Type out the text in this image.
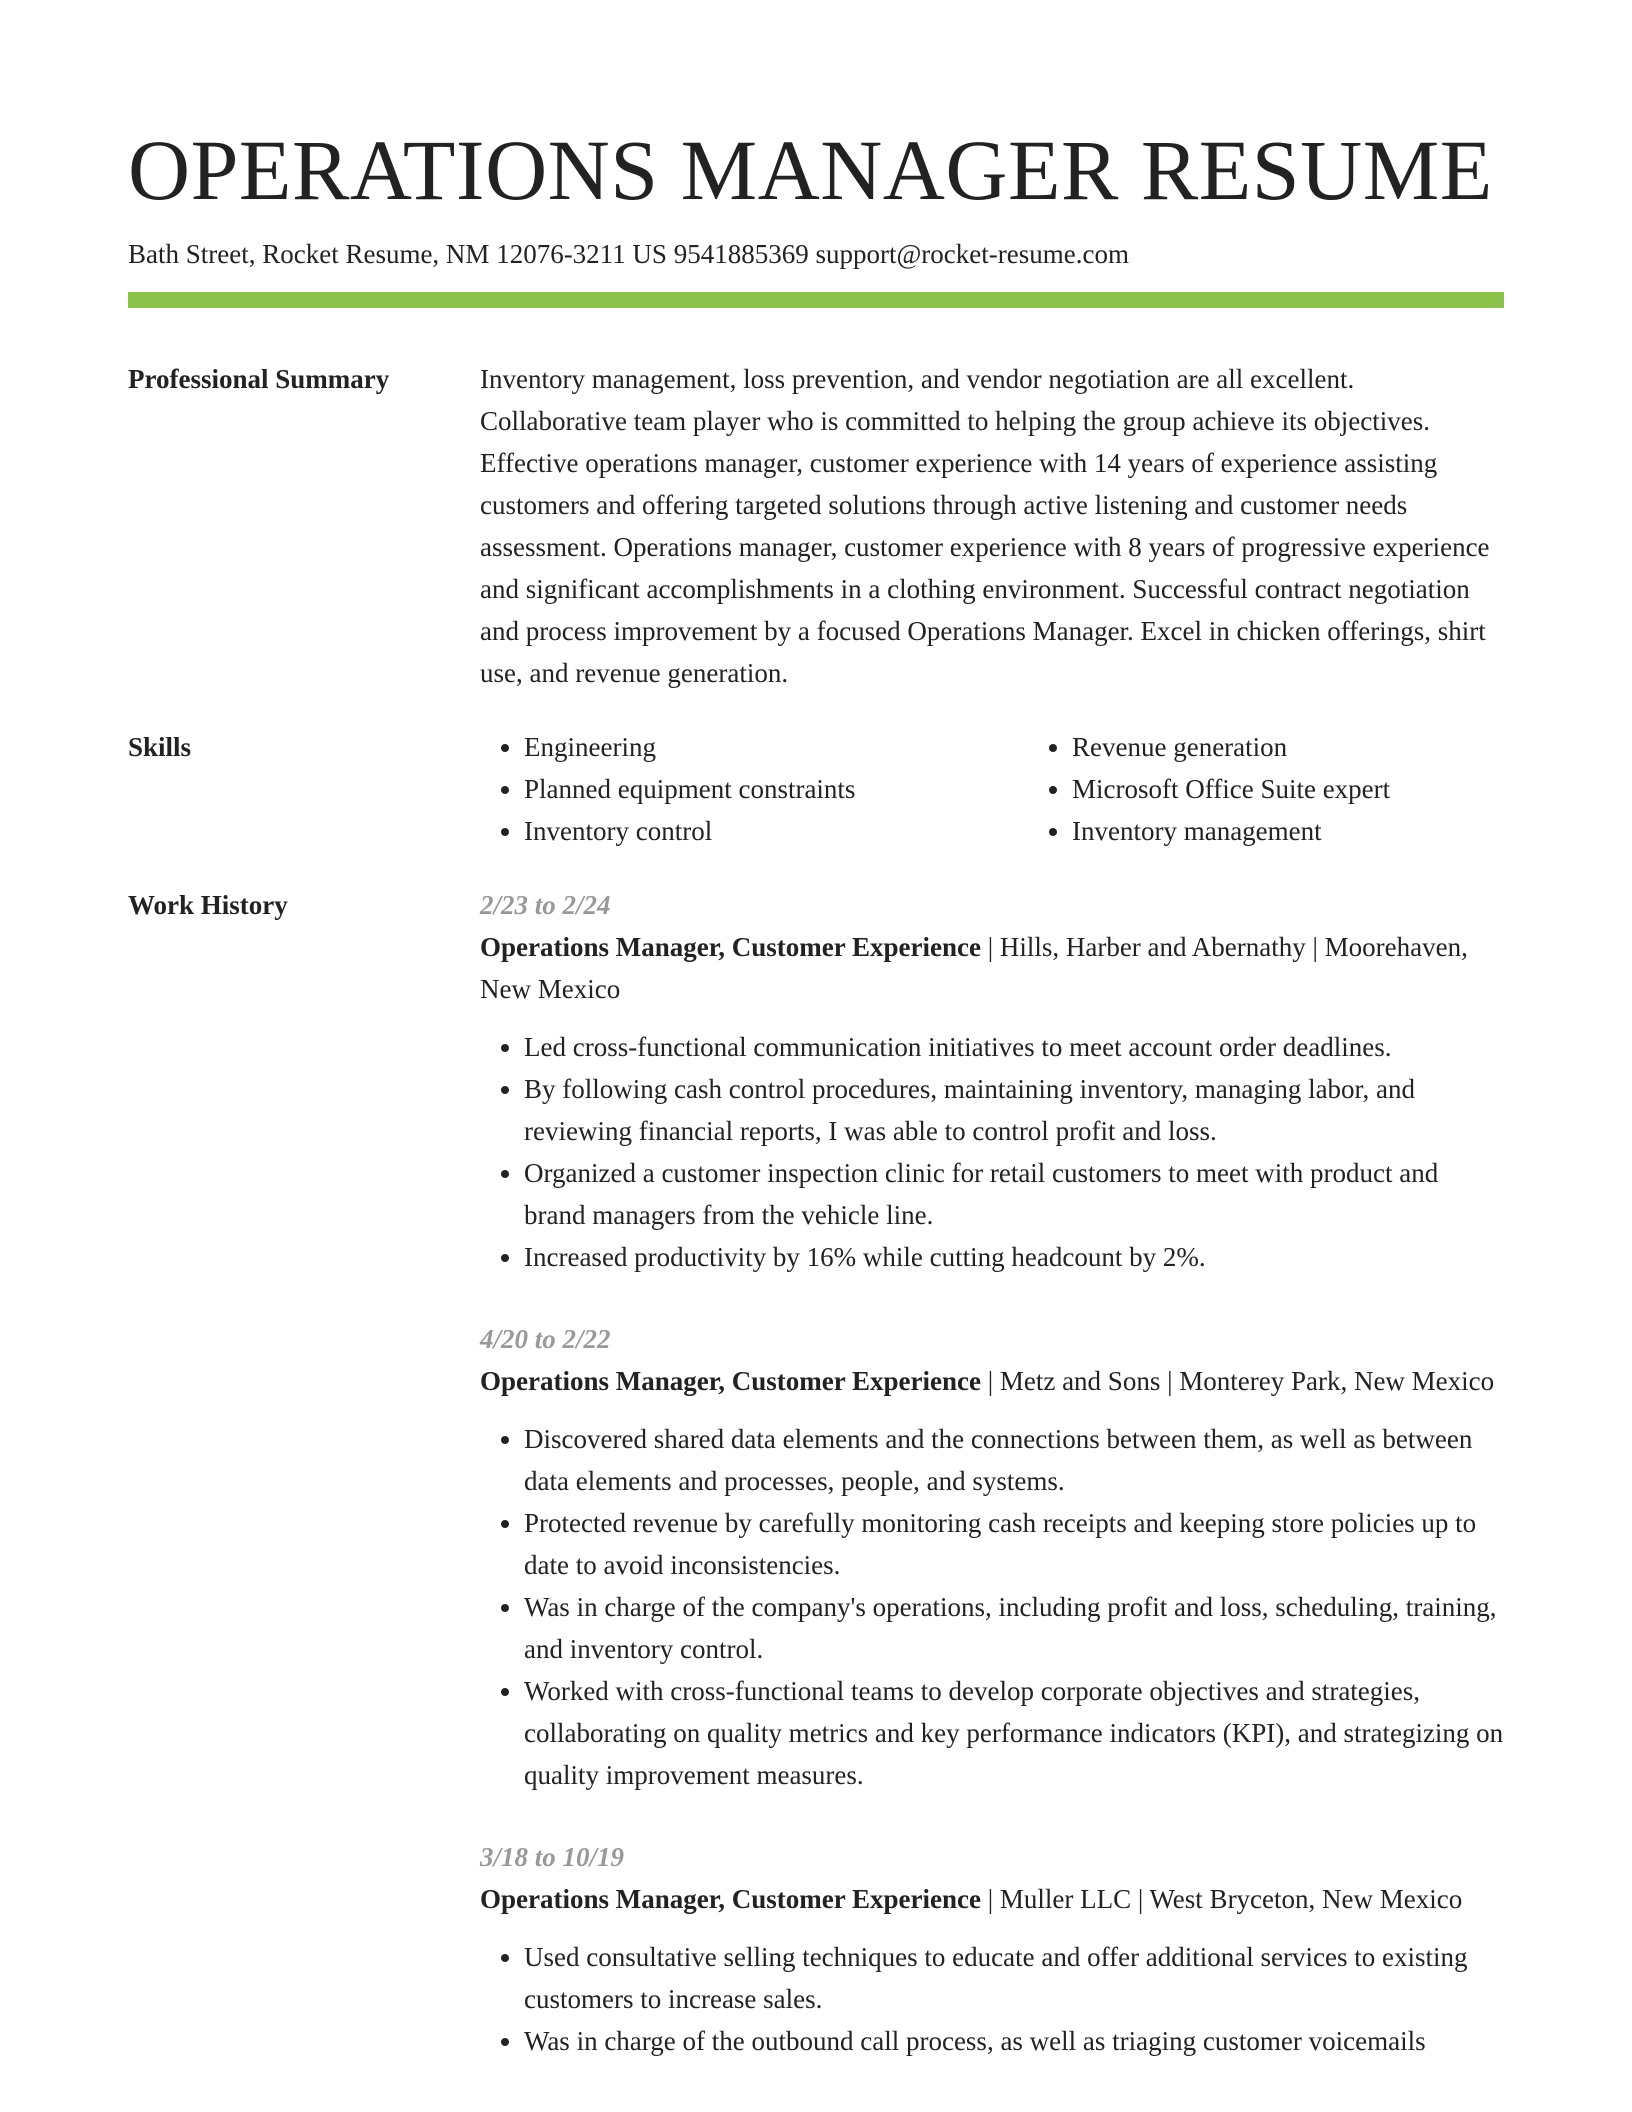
OPERATIONS MANAGER RESUME
Bath Street, Rocket Resume, NM 12076-3211 US 9541885369 support@rocket-resume.com
Professional Summary	Inventory management, loss prevention, and vendor negotiation are all excellent. Collaborative team player who is committed to helping the group achieve its objectives. Effective operations manager, customer experience with 14 years of experience assisting customers and offering targeted solutions through active listening and customer needs assessment. Operations manager, customer experience with 8 years of progressive experience and significant accomplishments in a clothing environment. Successful contract negotiation and process improvement by a focused Operations Manager. Excel in chicken offerings, shirt use, and revenue generation.
Skills
•	Engineering
• Planned equipment constraints
• Inventory control
• Revenue generation
• Microsoft Office Suite expert
• Inventory management
Work History	2/23 to 2/24
Operations Manager, Customer Experience | Hills, Harber and Abernathy | Moorehaven, New Mexico
• Led cross-functional communication initiatives to meet account order deadlines.
• By following cash control procedures, maintaining inventory, managing labor, and reviewing financial reports, I was able to control profit and loss.
• Organized a customer inspection clinic for retail customers to meet with product and brand managers from the vehicle line.
• Increased productivity by 16% while cutting headcount by 2%.
4/20 to 2/22
Operations Manager, Customer Experience | Metz and Sons | Monterey Park, New Mexico
• Discovered shared data elements and the connections between them, as well as between data elements and processes, people, and systems.
• Protected revenue by carefully monitoring cash receipts and keeping store policies up to date to avoid inconsistencies.
• Was in charge of the company's operations, including profit and loss, scheduling, training, and inventory control.
• Worked with cross-functional teams to develop corporate objectives and strategies, collaborating on quality metrics and key performance indicators (KPI), and strategizing on quality improvement measures.
3/18 to 10/19
Operations Manager, Customer Experience | Muller LLC | West Bryceton, New Mexico
• Used consultative selling techniques to educate and offer additional services to existing customers to increase sales.
• Was in charge of the outbound call process, as well as triaging customer voicemails
